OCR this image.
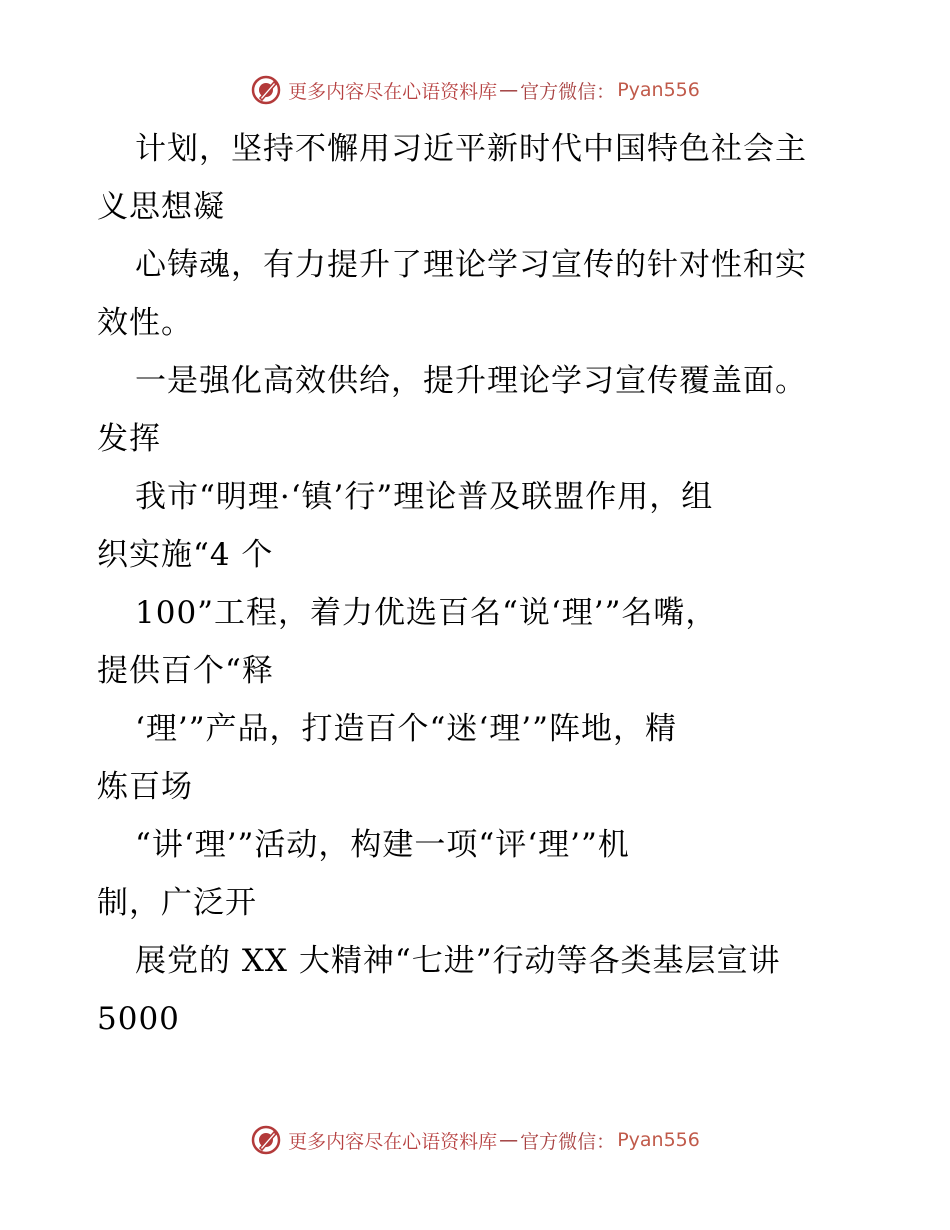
更多内容尽在心语资料库 — 官方微信： Pyan556

计划，坚持不懈用习近平新时代中国特色社会主
义思想凝

心铸魂，有力提升了理论学习宣传的针对性和实
效性。

一是强化高效供给，提升理论学习宣传覆盖面。
发挥

我市“明理·‘镇’行”理论普及联盟作用，组
织实施“4 个

100”工程，着力优选百名“说‘理’”名嘴，
提供百个“释

‘理’”产品，打造百个“迷‘理’”阵地，精
炼百场

“讲‘理’”活动，构建一项“评‘理’”机
制，广泛开

展党的 XX 大精神“七进”行动等各类基层宣讲
5000

更多内容尽在心语资料库 — 官方微信： Pyan556
